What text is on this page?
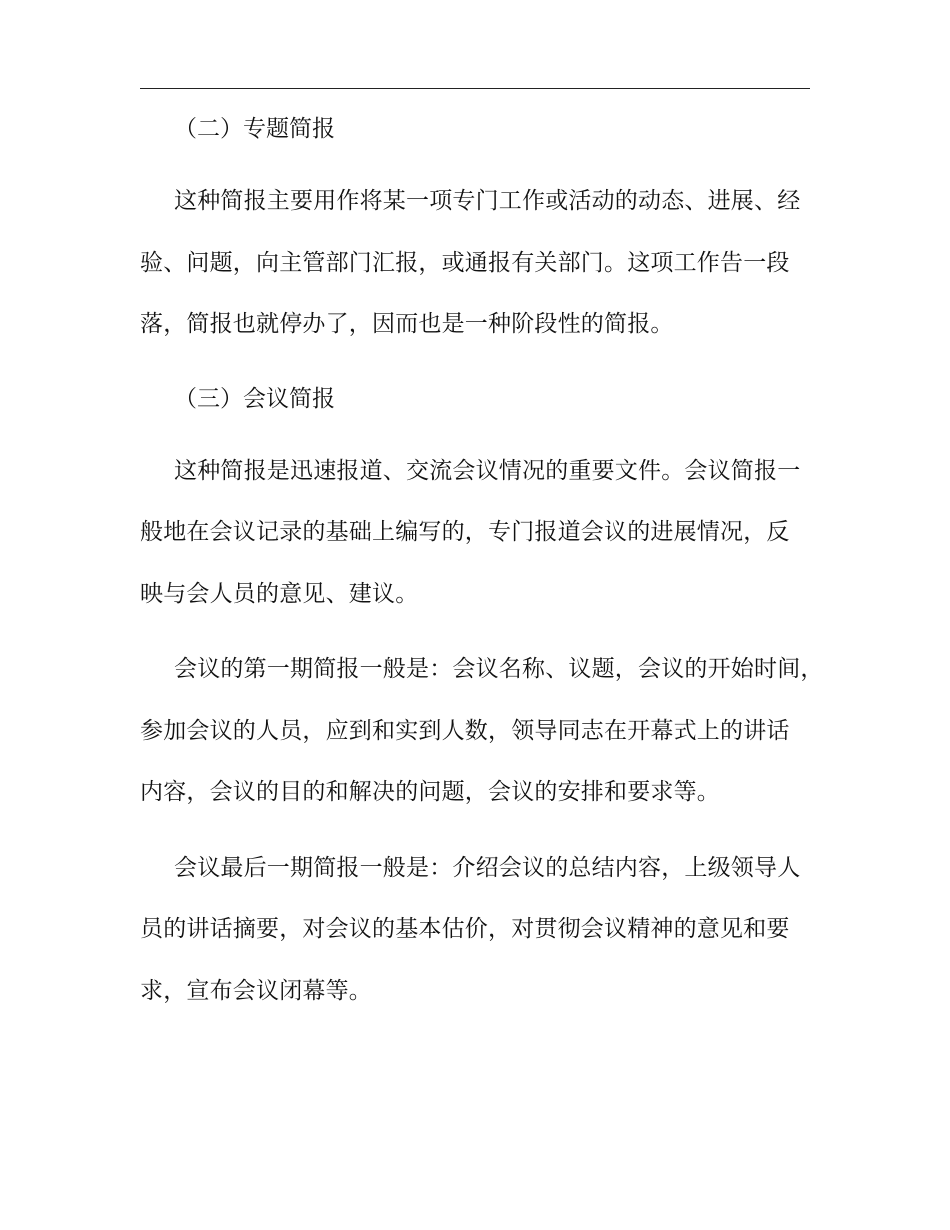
（二）专题简报
这种简报主要用作将某一项专门工作或活动的动态、进展、经
验、问题，向主管部门汇报，或通报有关部门。这项工作告一段
落，简报也就停办了，因而也是一种阶段性的简报。
（三）会议简报
这种简报是迅速报道、交流会议情况的重要文件。会议简报一
般地在会议记录的基础上编写的，专门报道会议的进展情况，反
映与会人员的意见、建议。
会议的第一期简报一般是：会议名称、议题，会议的开始时间，
参加会议的人员，应到和实到人数，领导同志在开幕式上的讲话
内容，会议的目的和解决的问题，会议的安排和要求等。
会议最后一期简报一般是：介绍会议的总结内容，上级领导人
员的讲话摘要，对会议的基本估价，对贯彻会议精神的意见和要
求，宣布会议闭幕等。
